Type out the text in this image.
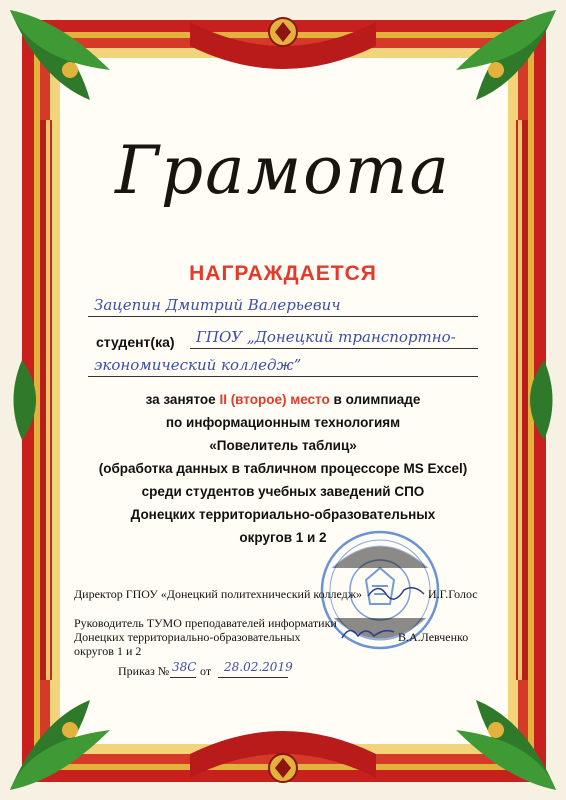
Грамота
НАГРАЖДАЕТСЯ
Зацепин Дмитрий Валерьевич
студент(ка) ГПОУ „Донецкий транспортно-
экономический колледж”
за занятое II (второе) место в олимпиаде
по информационным технологиям
«Повелитель таблиц»
(обработка данных в табличном процессоре MS Excel)
среди студентов учебных заведений СПО
Донецких территориально-образовательных
округов 1 и 2
Директор ГПОУ «Донецкий политехнический колледж»	И.Г.Голос
Руководитель ТУМО преподавателей информатики
Донецких территориально-образовательных
округов 1 и 2
В.А.Левченко
Приказ № 38С от 28.02.2019
